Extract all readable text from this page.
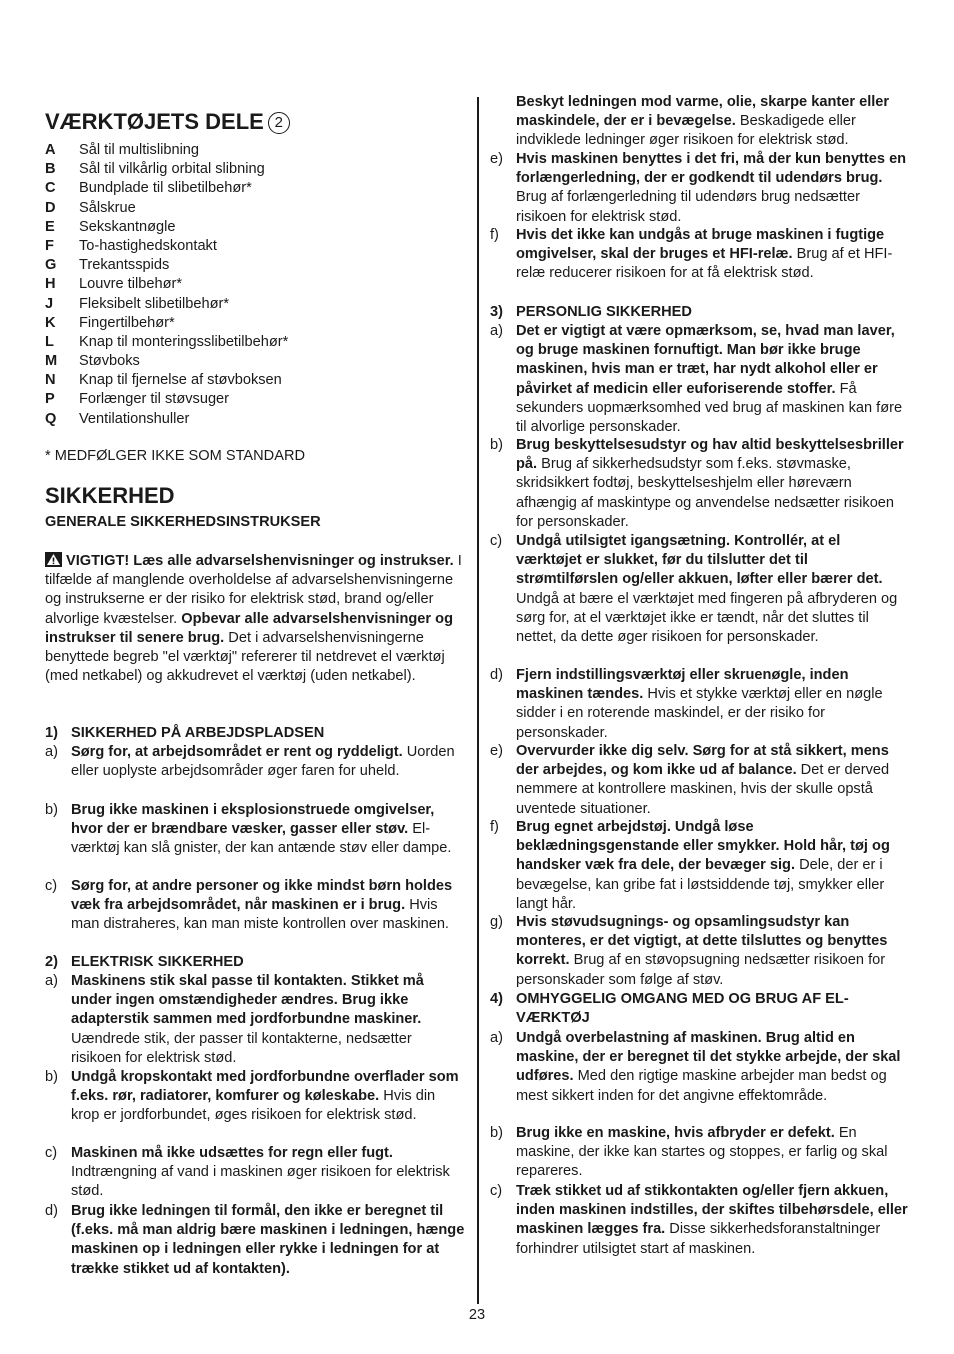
VÆRKTØJETS DELE 2
A Sål til multislibning
B Sål til vilkårlig orbital slibning
C Bundplade til slibetilbehør*
D Sålskrue
E Sekskantnøgle
F To-hastighedskontakt
G Trekantsspids
H Louvre tilbehør*
J Fleksibelt slibetilbehør*
K Fingertilbehør*
L Knap til monteringsslibetilbehør*
M Støvboks
N Knap til fjernelse af støvboksen
P Forlænger til støvsuger
Q Ventilationshuller
* MEDFØLGER IKKE SOM STANDARD
SIKKERHED
GENERALE SIKKERHEDSINSTRUKSER

VIGTIGT! Læs alle advarselshenvisninger og instrukser. I tilfælde af manglende overholdelse af advarselshenvisningerne og instrukserne er der risiko for elektrisk stød, brand og/eller alvorlige kvæstelser. Opbevar alle advarselshenvisninger og instrukser til senere brug. Det i advarselshenvisningerne benyttede begreb "el værktøj" refererer til netdrevet el værktøj (med netkabel) og akkudrevet el værktøj (uden netkabel).

1) SIKKERHED PÅ ARBEJDSPLADSEN
a) Sørg for, at arbejdsområdet er rent og ryddeligt. Uorden eller uoplyste arbejdsområder øger faren for uheld.

b) Brug ikke maskinen i eksplosionstruede omgivelser, hvor der er brændbare væsker, gasser eller støv. El-værktøj kan slå gnister, der kan antænde støv eller dampe.

c) Sørg for, at andre personer og ikke mindst børn holdes væk fra arbejdsområdet, når maskinen er i brug. Hvis man distraheres, kan man miste kontrollen over maskinen.

2) ELEKTRISK SIKKERHED
a) Maskinens stik skal passe til kontakten. Stikket må under ingen omstændigheder ændres. Brug ikke adapterstik sammen med jordforbundne maskiner. Uændrede stik, der passer til kontakterne, nedsætter risikoen for elektrisk stød.

b) Undgå kropskontakt med jordforbundne overflader som f.eks. rør, radiatorer, komfurer og køleskabe. Hvis din krop er jordforbundet, øges risikoen for elektrisk stød.

c) Maskinen må ikke udsættes for regn eller fugt. Indtrængning af vand i maskinen øger risikoen for elektrisk stød.

d) Brug ikke ledningen til formål, den ikke er beregnet til (f.eks. må man aldrig bære maskinen i ledningen, hænge maskinen op i ledningen eller rykke i ledningen for at trække stikket ud af kontakten).

Beskyt ledningen mod varme, olie, skarpe kanter eller maskindele, der er i bevægelse. Beskadigede eller indviklede ledninger øger risikoen for elektrisk stød.

e) Hvis maskinen benyttes i det fri, må der kun benyttes en forlængerledning, der er godkendt til udendørs brug. Brug af forlængerledning til udendørs brug nedsætter risikoen for elektrisk stød.

f) Hvis det ikke kan undgås at bruge maskinen i fugtige omgivelser, skal der bruges et HFI-relæ. Brug af et HFI-relæ reducerer risikoen for at få elektrisk stød.

3) PERSONLIG SIKKERHED
a) Det er vigtigt at være opmærksom, se, hvad man laver, og bruge maskinen fornuftigt. Man bør ikke bruge maskinen, hvis man er træt, har nydt alkohol eller er påvirket af medicin eller euforiserende stoffer. Få sekunders uopmærksomhed ved brug af maskinen kan føre til alvorlige personskader.

b) Brug beskyttelsesudstyr og hav altid beskyttelsesbriller på. Brug af sikkerhedsudstyr som f.eks. støvmaske, skridsikkert fodtøj, beskyttelseshjelm eller høreværn afhængig af maskintype og anvendelse nedsætter risikoen for personskader.

c) Undgå utilsigtet igangsætning. Kontrollér, at el værktøjet er slukket, før du tilslutter det til strømtilførslen og/eller akkuen, løfter eller bærer det. Undgå at bære el værktøjet med fingeren på afbryderen og sørg for, at el værktøjet ikke er tændt, når det sluttes til nettet, da dette øger risikoen for personskader.

d) Fjern indstillingsværktøj eller skruenøgle, inden maskinen tændes. Hvis et stykke værktøj eller en nøgle sidder i en roterende maskindel, er der risiko for personskader.

e) Overvurder ikke dig selv. Sørg for at stå sikkert, mens der arbejdes, og kom ikke ud af balance. Det er derved nemmere at kontrollere maskinen, hvis der skulle opstå uventede situationer.

f) Brug egnet arbejdstøj. Undgå løse beklædningsgenstande eller smykker. Hold hår, tøj og handsker væk fra dele, der bevæger sig. Dele, der er i bevægelse, kan gribe fat i løstsiddende tøj, smykker eller langt hår.

g) Hvis støvudsugnings- og opsamlingsudstyr kan monteres, er det vigtigt, at dette tilsluttes og benyttes korrekt. Brug af en støvopsugning nedsætter risikoen for personskader som følge af støv.

4) OMHYGGELIG OMGANG MED OG BRUG AF EL-VÆRKTØJ
a) Undgå overbelastning af maskinen. Brug altid en maskine, der er beregnet til det stykke arbejde, der skal udføres. Med den rigtige maskine arbejder man bedst og mest sikkert inden for det angivne effektområde.

b) Brug ikke en maskine, hvis afbryder er defekt. En maskine, der ikke kan startes og stoppes, er farlig og skal repareres.

c) Træk stikket ud af stikkontakten og/eller fjern akkuen, inden maskinen indstilles, der skiftes tilbehørsdele, eller maskinen lægges fra. Disse sikkerhedsforanstaltninger forhindrer utilsigtet start af maskinen.

23
